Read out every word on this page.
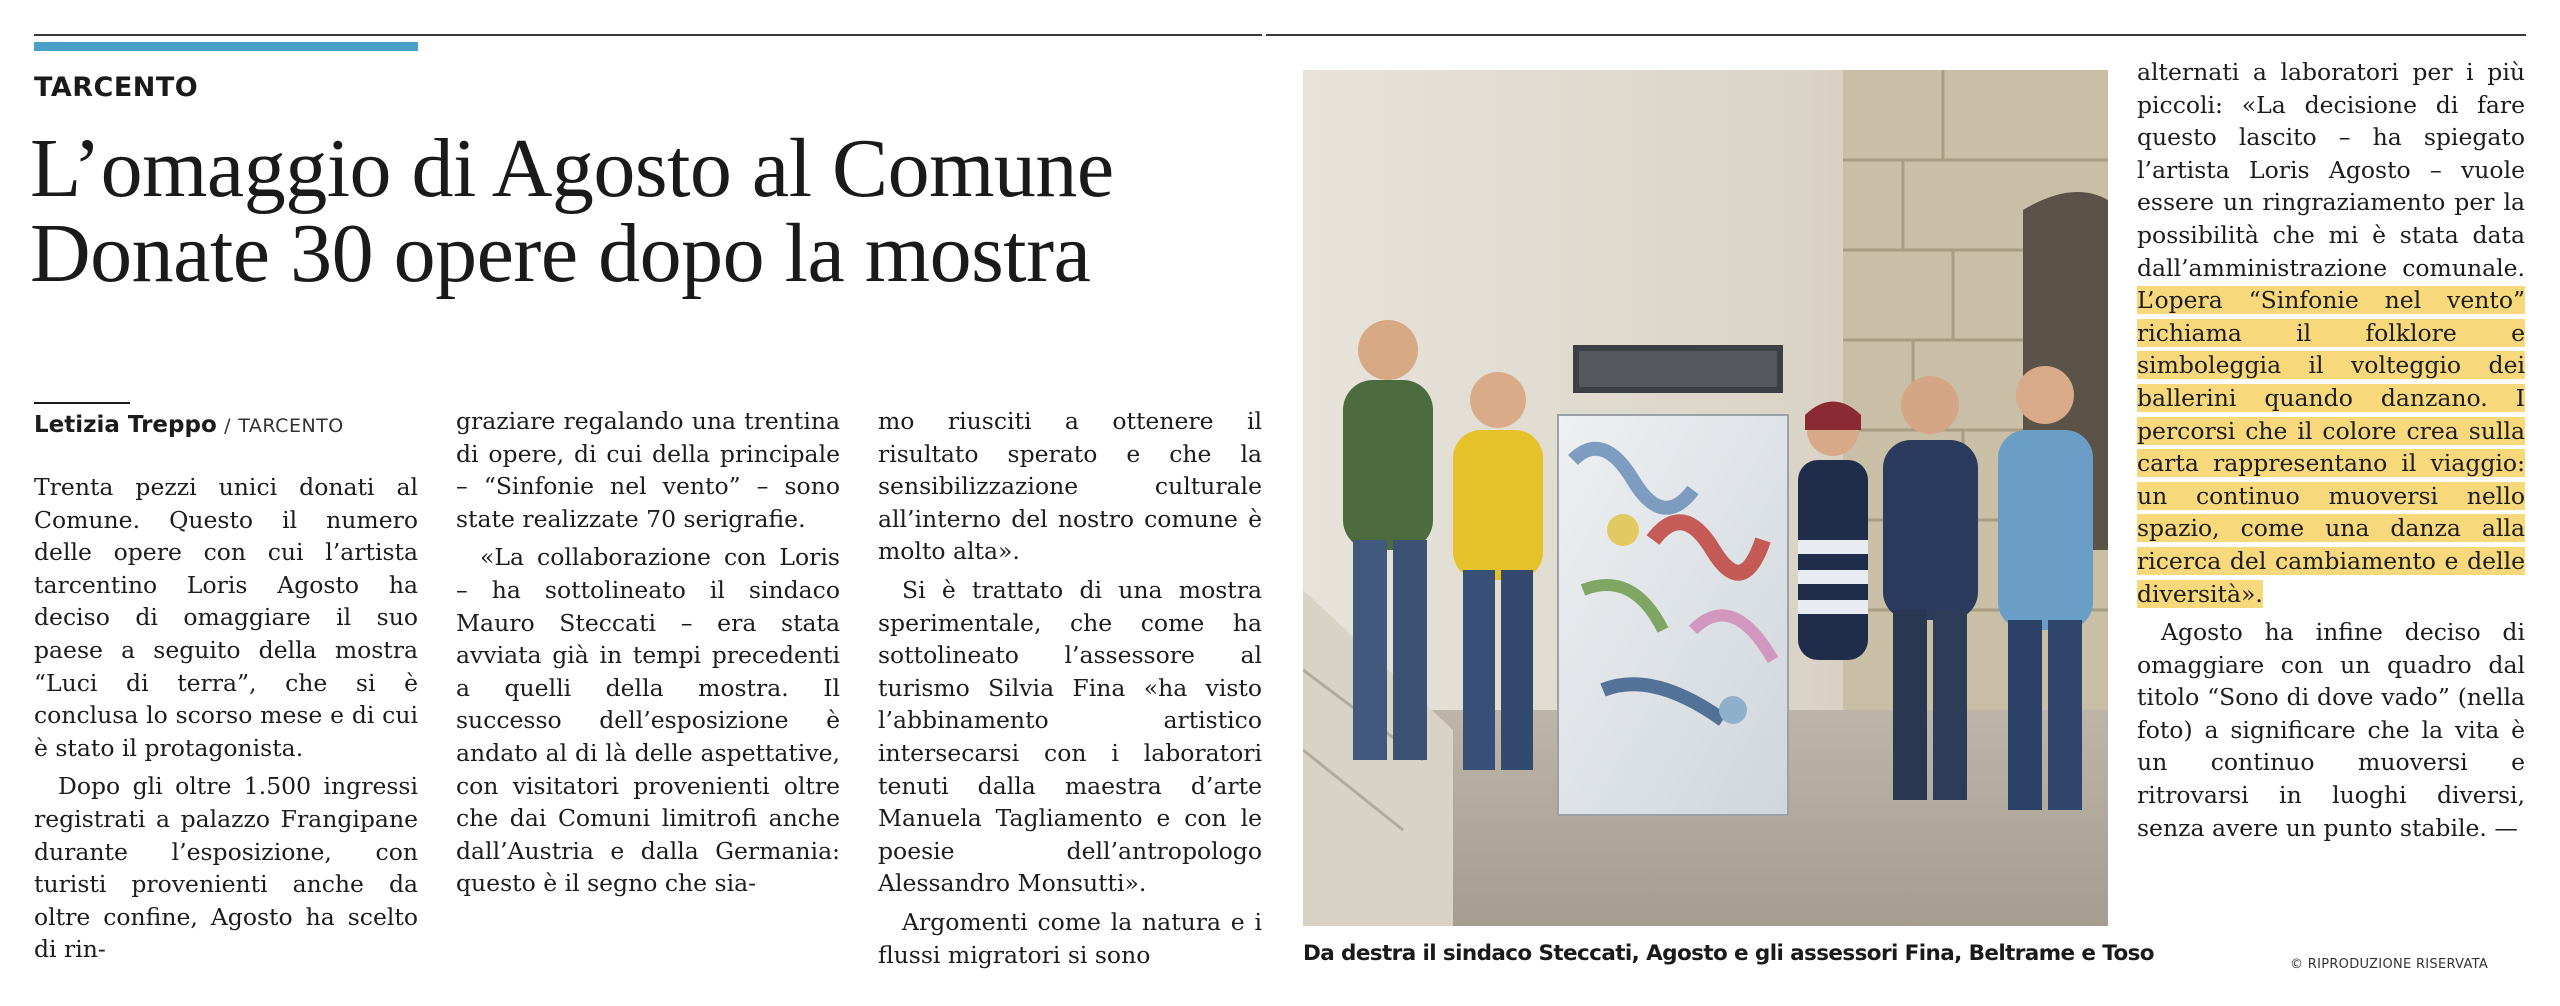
TARCENTO
L’omaggio di Agosto al Comune
Donate 30 opere dopo la mostra
Letizia Treppo / TARCENTO

Trenta pezzi unici donati al Comune. Questo il numero delle opere con cui l’artista tarcentino Loris Agosto ha deciso di omaggiare il suo paese a seguito della mostra “Luci di terra”, che si è conclusa lo scorso mese e di cui è stato il protagonista.

Dopo gli oltre 1.500 ingressi registrati a palazzo Frangipane durante l’esposizione, con turisti provenienti anche da oltre confine, Agosto ha scelto di rin-

graziare regalando una trentina di opere, di cui della principale – “Sinfonie nel vento” – sono state realizzate 70 serigrafie.

«La collaborazione con Loris – ha sottolineato il sindaco Mauro Steccati – era stata avviata già in tempi precedenti a quelli della mostra. Il successo dell’esposizione è andato al di là delle aspettative, con visitatori provenienti oltre che dai Comuni limitrofi anche dall’Austria e dalla Germania: questo è il segno che sia-

mo riusciti a ottenere il risultato sperato e che la sensibilizzazione culturale all’interno del nostro comune è molto alta».

Si è trattato di una mostra sperimentale, che come ha sottolineato l’assessore al turismo Silvia Fina «ha visto l’abbinamento artistico intersecarsi con i laboratori tenuti dalla maestra d’arte Manuela Tagliamento e con le poesie dell’antropologo Alessandro Monsutti».

Argomenti come la natura e i flussi migratori si sono	Da destra il sindaco Steccati, Agosto e gli assessori Fina, Beltrame e Toso

alternati a laboratori per i più piccoli: «La decisione di fare questo lascito – ha spiegato l’artista Loris Agosto – vuole essere un ringraziamento per la possibilità che mi è stata data dall’amministrazione comunale. L’opera “Sinfonie nel vento” richiama il folklore e simboleggia il volteggio dei ballerini quando danzano. I percorsi che il colore crea sulla carta rappresentano il viaggio: un continuo muoversi nello spazio, come una danza alla ricerca del cambiamento e delle diversità».

Agosto ha infine deciso di omaggiare con un quadro dal titolo “Sono di dove vado” (nella foto) a significare che la vita è un continuo muoversi e ritrovarsi in luoghi diversi, senza avere un punto stabile. —

© RIPRODUZIONE RISERVATA
